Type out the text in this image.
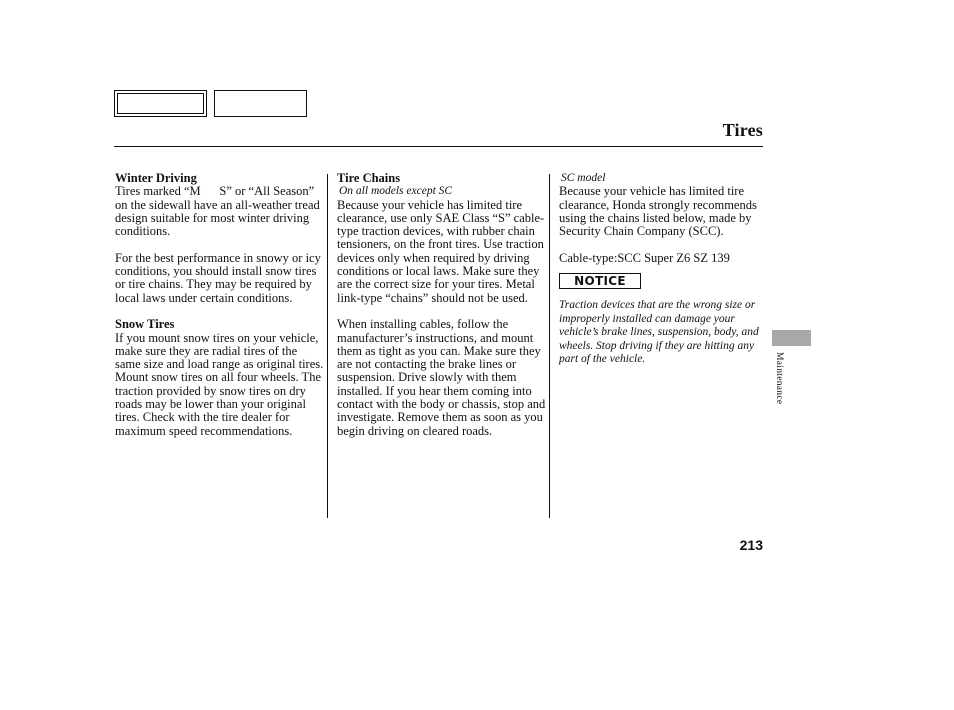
Tires
Winter Driving

Tires marked “M      S” or “All Season” on the sidewall have an all-weather tread design suitable for most winter driving conditions.

For the best performance in snowy or icy conditions, you should install snow tires or tire chains. They may be required by local laws under certain conditions.

Snow Tires

If you mount snow tires on your vehicle, make sure they are radial tires of the same size and load range as original tires. Mount snow tires on all four wheels. The traction provided by snow tires on dry roads may be lower than your original tires. Check with the tire dealer for maximum speed recommendations.

Tire Chains
On all models except SC

Because your vehicle has limited tire clearance, use only SAE Class “S” cable-type traction devices, with rubber chain tensioners, on the front tires. Use traction devices only when required by driving conditions or local laws. Make sure they are the correct size for your tires. Metal link-type “chains” should not be used.

When installing cables, follow the manufacturer’s instructions, and mount them as tight as you can. Make sure they are not contacting the brake lines or suspension. Drive slowly with them installed. If you hear them coming into contact with the body or chassis, stop and investigate. Remove them as soon as you begin driving on cleared roads.

SC model

Because your vehicle has limited tire clearance, Honda strongly recommends using the chains listed below, made by Security Chain Company (SCC).

Cable-type:SCC Super Z6 SZ 139

NOTICE

Traction devices that are the wrong size or improperly installed can damage your vehicle’s brake lines, suspension, body, and wheels. Stop driving if they are hitting any part of the vehicle.	Maintenance
213
